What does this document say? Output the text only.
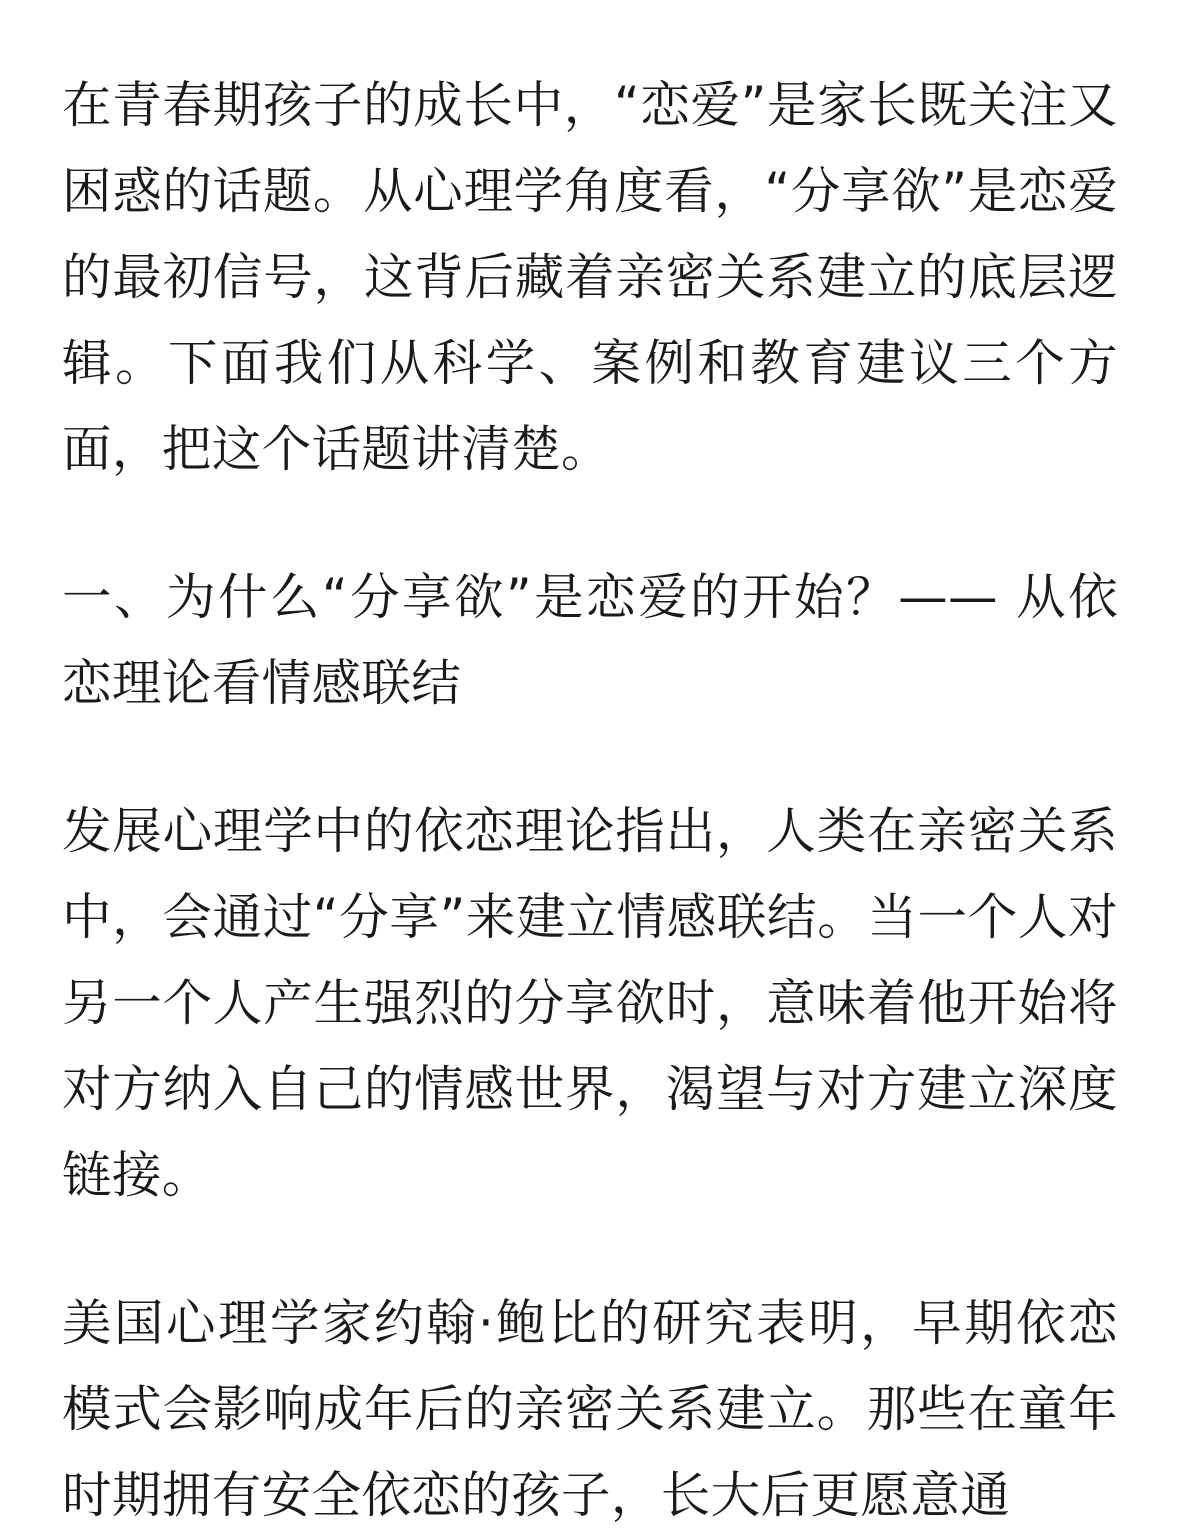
在青春期孩子的成长中，“恋爱”是家长既关注又困惑的话题。从心理学角度看，“分享欲”是恋爱的最初信号，这背后藏着亲密关系建立的底层逻辑。下面我们从科学、案例和教育建议三个方面，把这个话题讲清楚。

一、为什么“分享欲”是恋爱的开始？—— 从依恋理论看情感联结

发展心理学中的依恋理论指出，人类在亲密关系中，会通过“分享”来建立情感联结。当一个人对另一个人产生强烈的分享欲时，意味着他开始将对方纳入自己的情感世界，渴望与对方建立深度链接。

美国心理学家约翰·鲍比的研究表明，早期依恋模式会影响成年后的亲密关系建立。那些在童年时期拥有安全依恋的孩子，长大后更愿意通
